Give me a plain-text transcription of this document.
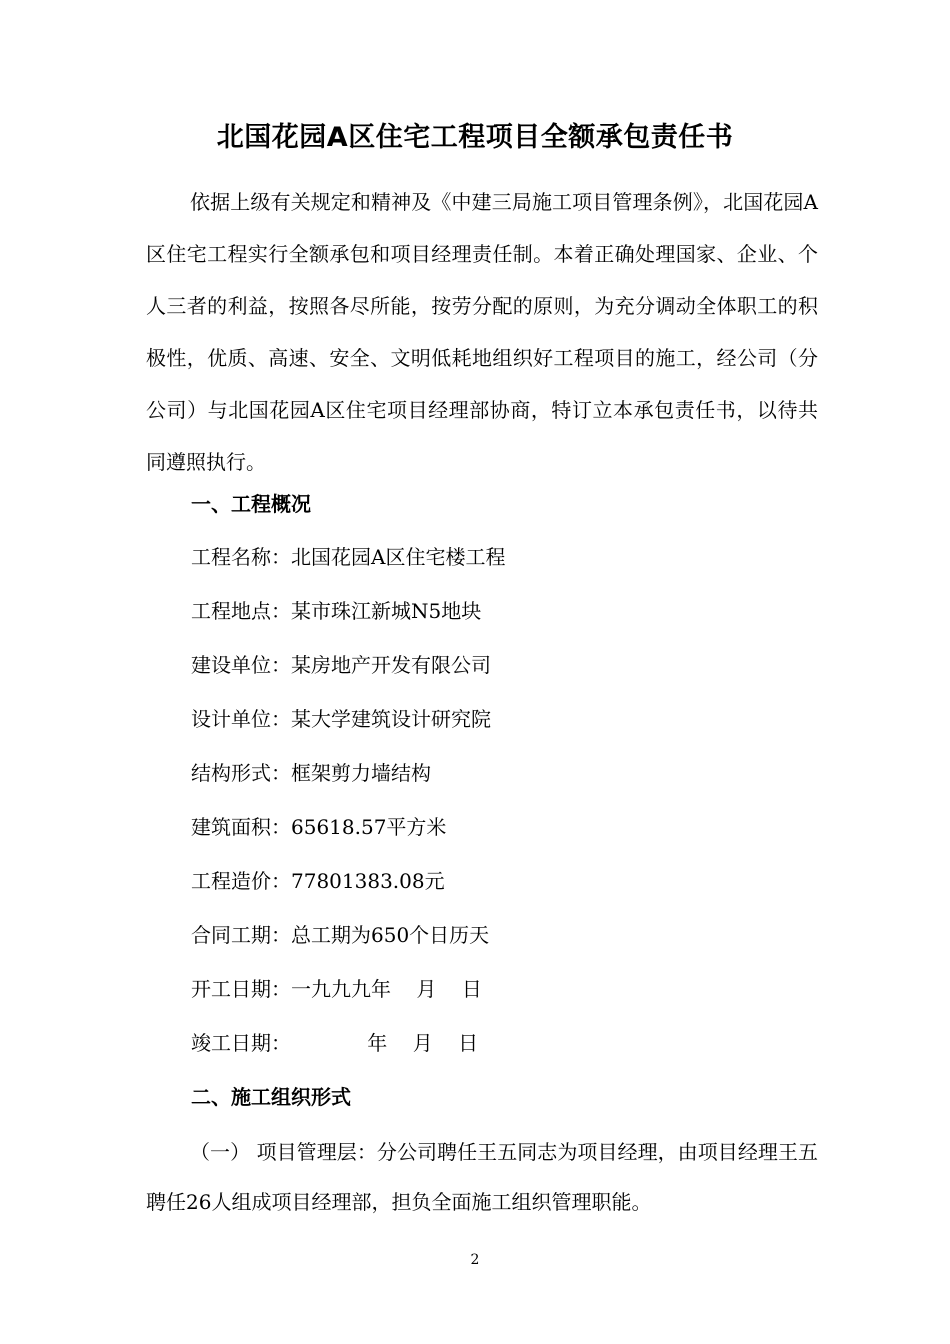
北国花园A区住宅工程项目全额承包责任书

依据上级有关规定和精神及《中建三局施工项目管理条例》，北国花园A区住宅工程实行全额承包和项目经理责任制。本着正确处理国家、企业、个人三者的利益，按照各尽所能，按劳分配的原则，为充分调动全体职工的积极性，优质、高速、安全、文明低耗地组织好工程项目的施工，经公司（分公司）与北国花园A区住宅项目经理部协商，特订立本承包责任书，以待共同遵照执行。

一、工程概况
工程名称：北国花园A区住宅楼工程
工程地点：某市珠江新城N5地块
建设单位：某房地产开发有限公司
设计单位：某大学建筑设计研究院
结构形式：框架剪力墙结构
建筑面积：65618.57平方米
工程造价：77801383.08元
合同工期：总工期为650个日历天
开工日期：一九九九年    月    日
竣工日期：            年    月    日
二、施工组织形式

（一） 项目管理层：分公司聘任王五同志为项目经理，由项目经理王五聘任26人组成项目经理部，担负全面施工组织管理职能。

2
